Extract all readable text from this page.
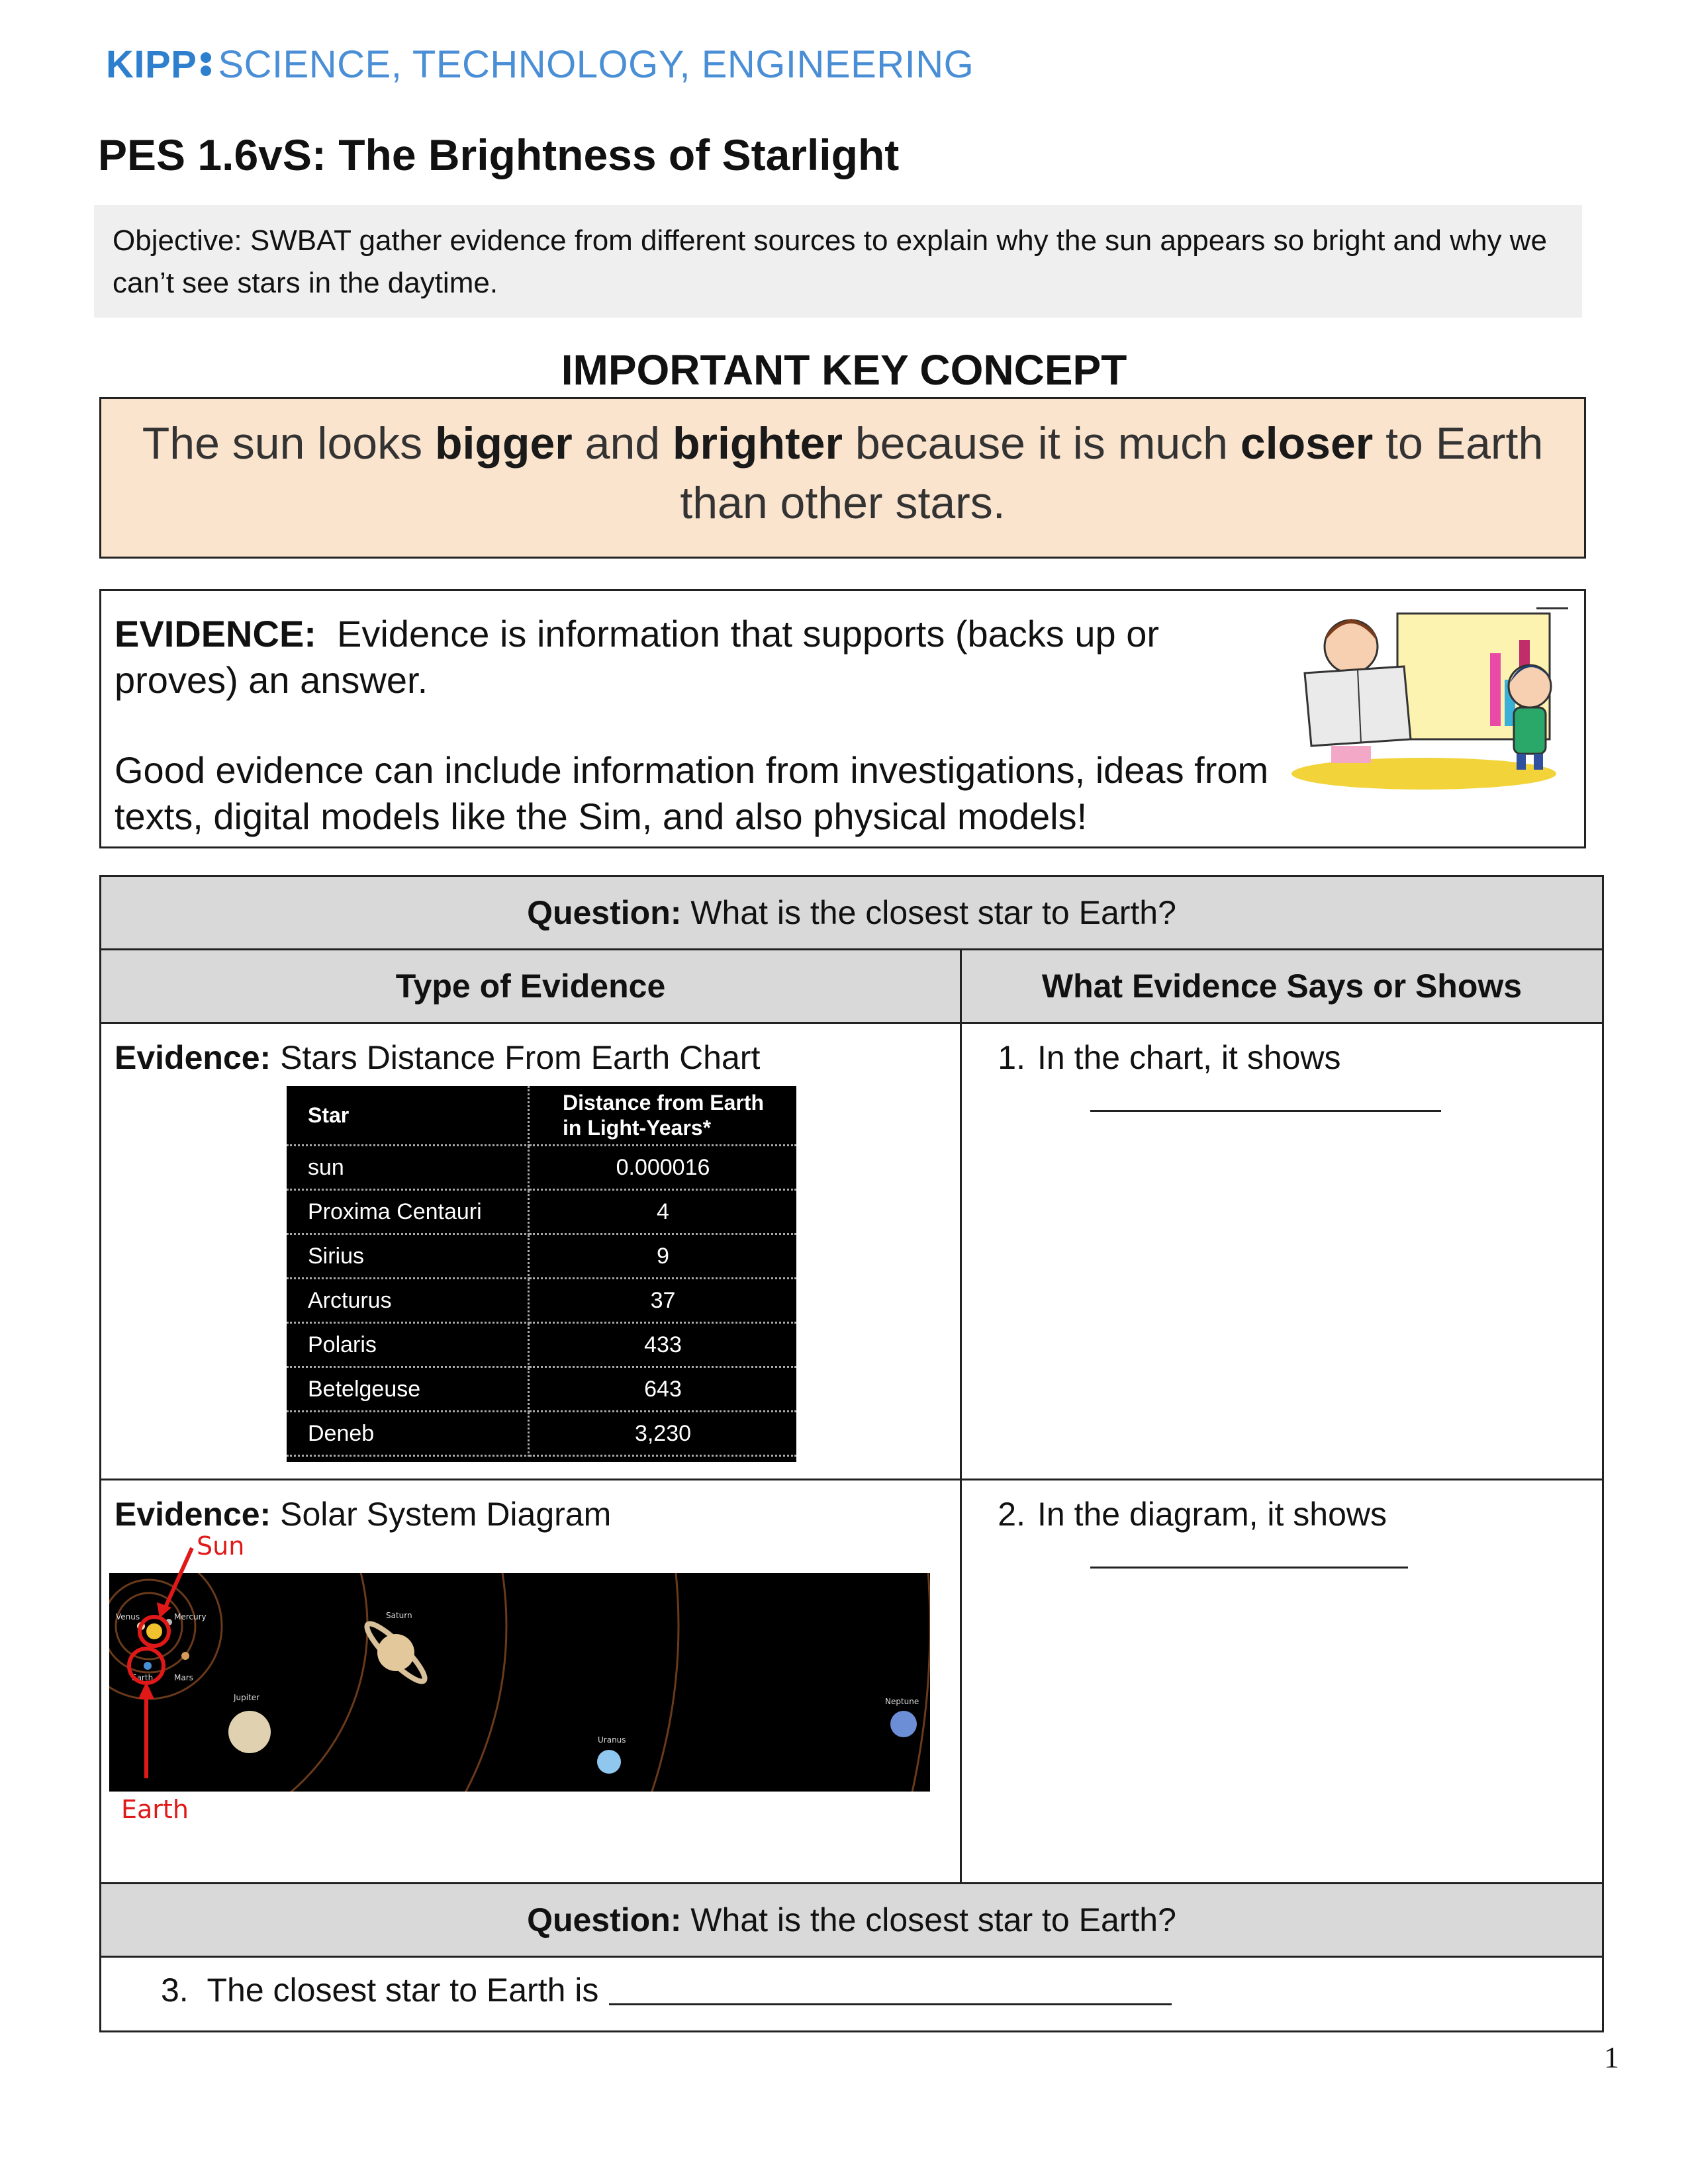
KIPP SCIENCE, TECHNOLOGY, ENGINEERING
PES 1.6vS: The Brightness of Starlight
Objective: SWBAT gather evidence from different sources to explain why the sun appears so bright and why we can’t see stars in the daytime.
IMPORTANT KEY CONCEPT
The sun looks bigger and brighter because it is much closer to Earth than other stars.

EVIDENCE:  Evidence is information that supports (backs up or proves) an answer.

Good evidence can include information from investigations, ideas from texts, digital models like the Sim, and also physical models!

Question: What is the closest star to Earth?
Type of Evidence	What Evidence Says or Shows

Evidence: Stars Distance From Earth Chart
Star	Distance from Earth in Light-Years*
sun	0.000016
Proxima Centauri	4
Sirius	9
Arcturus	37
Polaris	433
Betelgeuse	643
Deneb	3,230

1. In the chart, it shows

Evidence: Solar System Diagram
Mercury
Venus
Earth	Mars
Jupiter
Saturn
Uranus
Neptune
Sun
Earth

2. In the diagram, it shows

Question: What is the closest star to Earth?
3. The closest star to Earth is
1
